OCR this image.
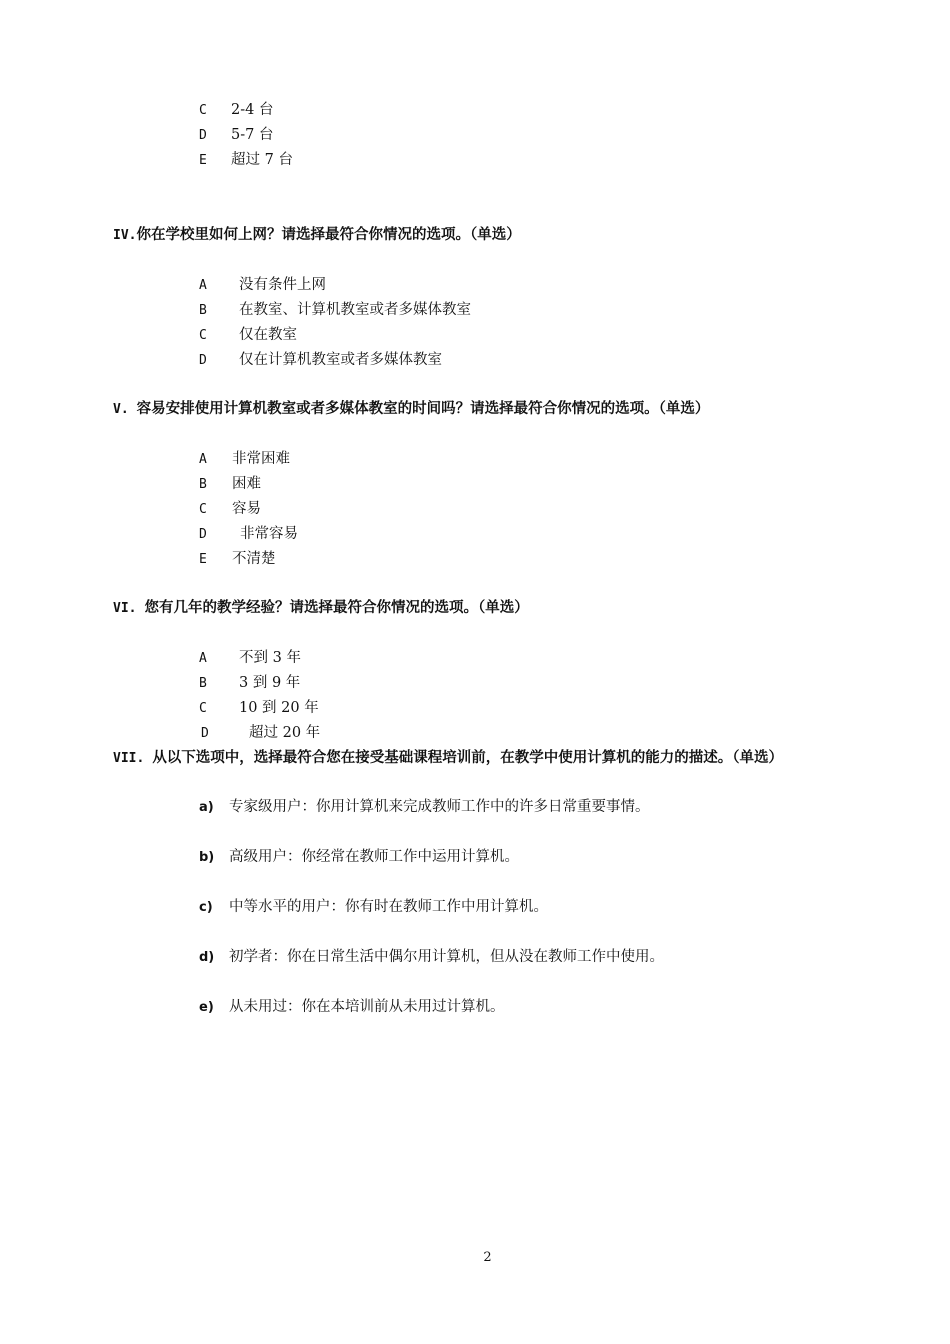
C 2-4 台
D 5-7 台
E 超过 7 台
IV.你在学校里如何上网？请选择最符合你情况的选项。（单选）
A 没有条件上网
B 在教室、计算机教室或者多媒体教室
C 仅在教室
D 仅在计算机教室或者多媒体教室
V. 容易安排使用计算机教室或者多媒体教室的时间吗？请选择最符合你情况的选项。（单选）
A 非常困难
B 困难
C 容易
D 非常容易
E 不清楚
VI. 您有几年的教学经验？请选择最符合你情况的选项。（单选）
A 不到 3 年
B 3 到 9 年
C 10 到 20 年
D	超过 20 年
VII. 从以下选项中，选择最符合您在接受基础课程培训前，在教学中使用计算机的能力的描述。（单选）
a) 专家级用户：你用计算机来完成教师工作中的许多日常重要事情。
b) 高级用户：你经常在教师工作中运用计算机。
c) 中等水平的用户：你有时在教师工作中用计算机。
d) 初学者：你在日常生活中偶尔用计算机，但从没在教师工作中使用。
e) 从未用过：你在本培训前从未用过计算机。
2
